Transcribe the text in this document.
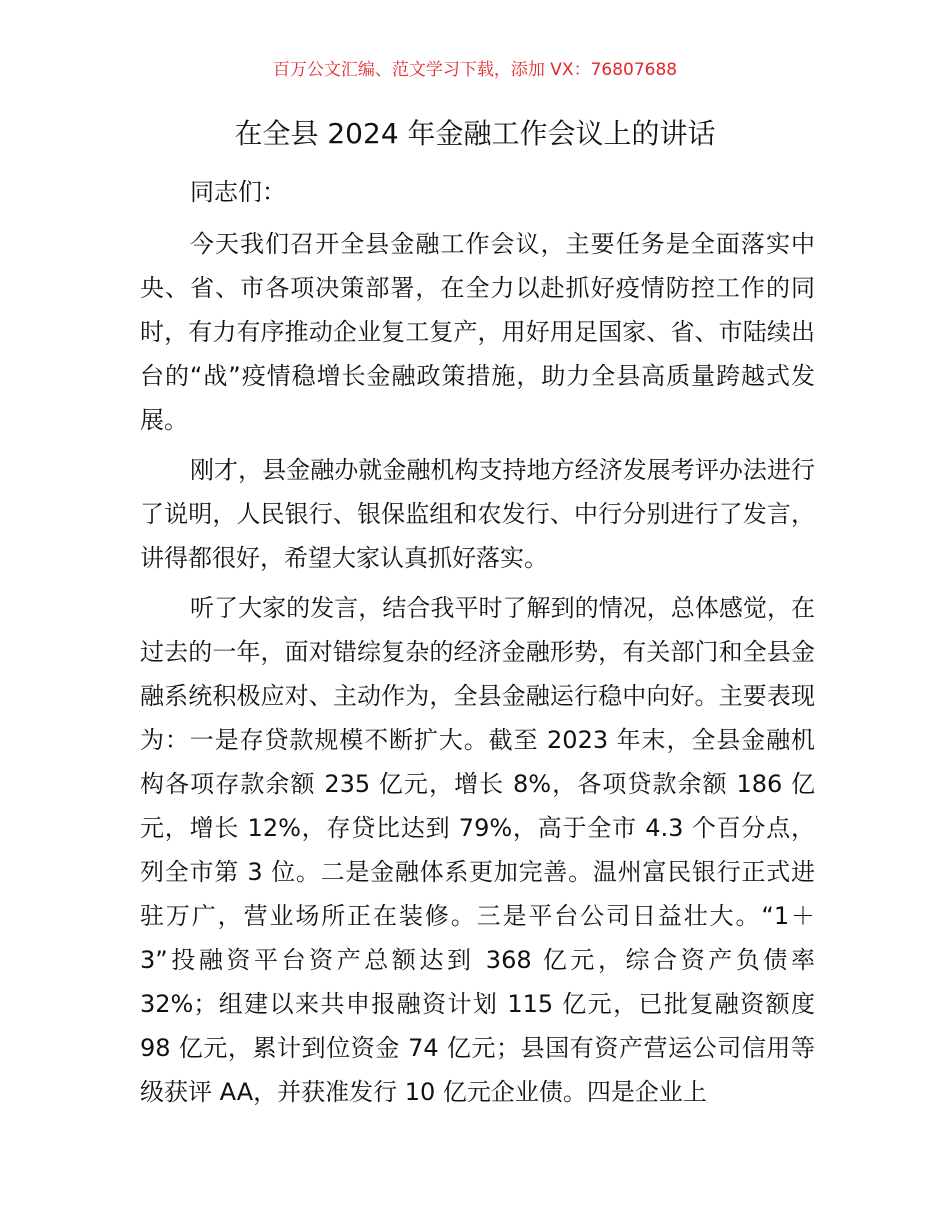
百万公文汇编、范文学习下载，添加 VX：76807688
在全县 2024 年金融工作会议上的讲话
同志们：

今天我们召开全县金融工作会议，主要任务是全面落实中央、省、市各项决策部署，在全力以赴抓好疫情防控工作的同时，有力有序推动企业复工复产，用好用足国家、省、市陆续出台的“战”疫情稳增长金融政策措施，助力全县高质量跨越式发展。

刚才，县金融办就金融机构支持地方经济发展考评办法进行了说明，人民银行、银保监组和农发行、中行分别进行了发言，讲得都很好，希望大家认真抓好落实。

听了大家的发言，结合我平时了解到的情况，总体感觉，在过去的一年，面对错综复杂的经济金融形势，有关部门和全县金融系统积极应对、主动作为，全县金融运行稳中向好。主要表现为：一是存贷款规模不断扩大。截至 2023 年末，全县金融机构各项存款余额 235 亿元，增长 8%，各项贷款余额 186 亿元，增长 12%，存贷比达到 79%，高于全市 4.3 个百分点，列全市第 3 位。二是金融体系更加完善。温州富民银行正式进驻万广，营业场所正在装修。三是平台公司日益壮大。“1＋3”投融资平台资产总额达到 368 亿元，综合资产负债率 32%；组建以来共申报融资计划 115 亿元，已批复融资额度 98 亿元，累计到位资金 74 亿元；县国有资产营运公司信用等级获评 AA，并获准发行 10 亿元企业债。四是企业上
